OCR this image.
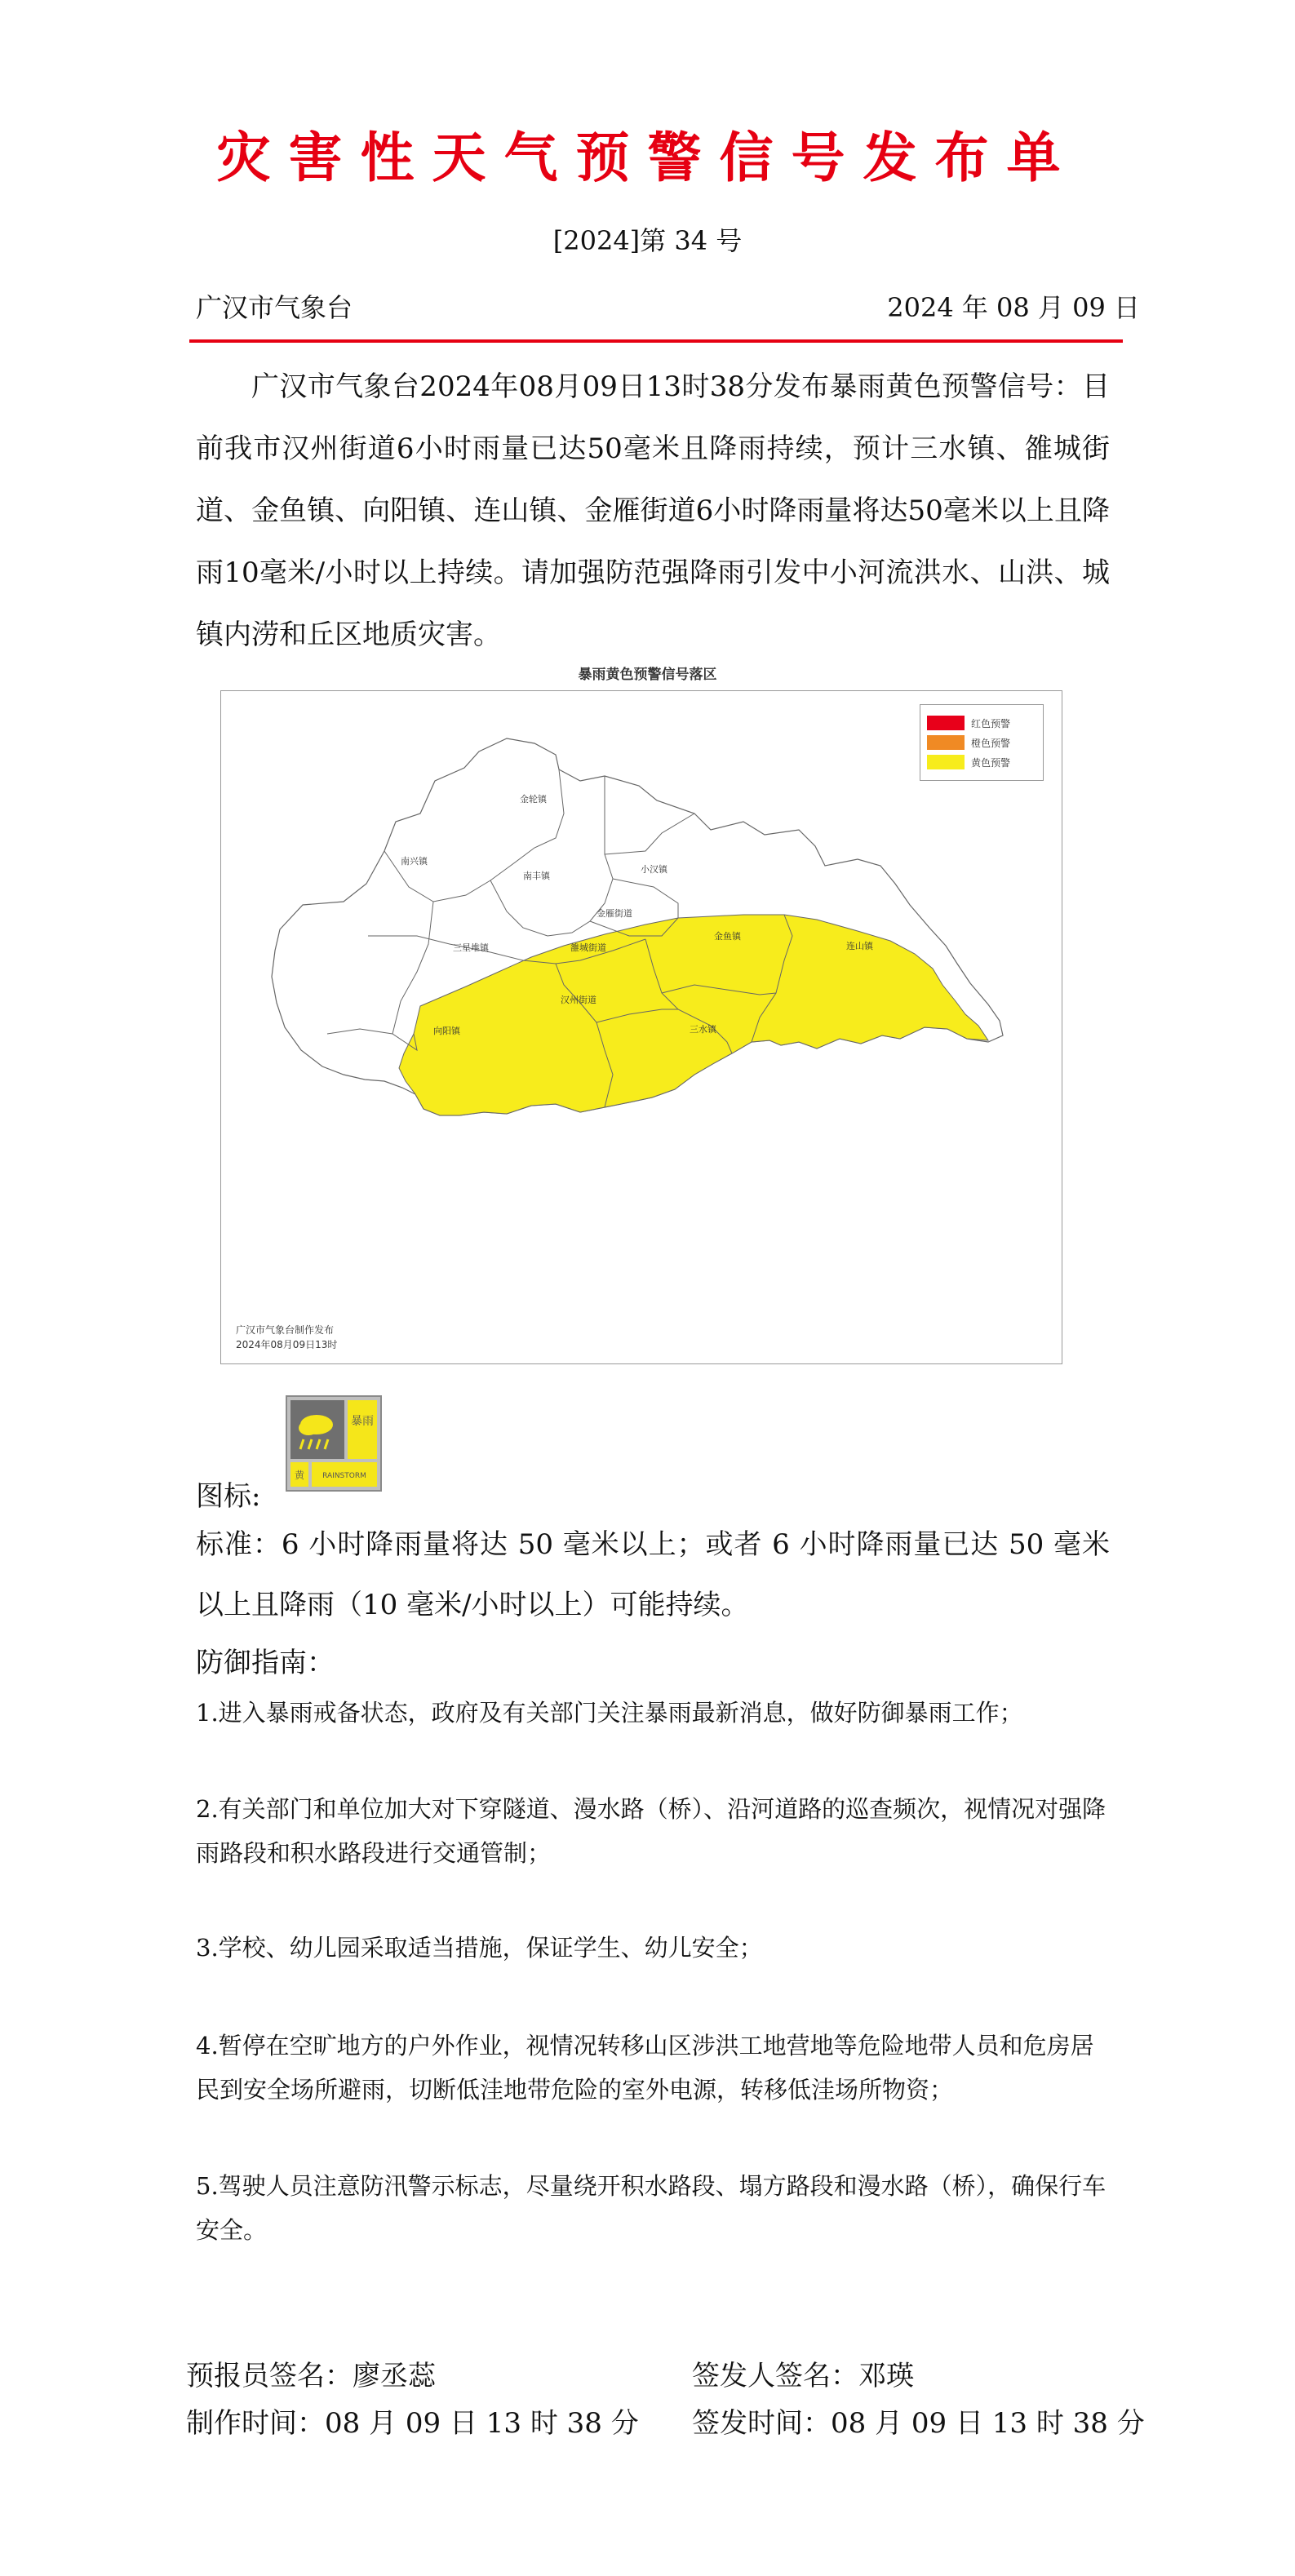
灾害性天气预警信号发布单
[2024]第 34 号
广汉市气象台	2024 年 08 月 09 日
广汉市气象台2024年08月09日13时38分发布暴雨黄色预警信号：目前我市汉州街道6小时雨量已达50毫米且降雨持续，预计三水镇、雒城街道、金鱼镇、向阳镇、连山镇、金雁街道6小时降雨量将达50毫米以上且降雨10毫米/小时以上持续。请加强防范强降雨引发中小河流洪水、山洪、城镇内涝和丘区地质灾害。
暴雨黄色预警信号落区
金轮镇
南兴镇
南丰镇
小汉镇
金雁街道
金鱼镇
连山镇
三星堆镇	雒城街道
汉州街道
向阳镇	三水镇
红色预警
橙色预警
黄色预警
广汉市气象台制作发布
2024年08月09日13时
图标:
暴雨
黄 RAINSTORM
标准：6 小时降雨量将达 50 毫米以上；或者 6 小时降雨量已达 50 毫米以上且降雨（10 毫米/小时以上）可能持续。
防御指南：
1.进入暴雨戒备状态，政府及有关部门关注暴雨最新消息，做好防御暴雨工作；
2.有关部门和单位加大对下穿隧道、漫水路（桥）、沿河道路的巡查频次，视情况对强降雨路段和积水路段进行交通管制；
3.学校、幼儿园采取适当措施，保证学生、幼儿安全；
4.暂停在空旷地方的户外作业，视情况转移山区涉洪工地营地等危险地带人员和危房居民到安全场所避雨，切断低洼地带危险的室外电源，转移低洼场所物资；
5.驾驶人员注意防汛警示标志，尽量绕开积水路段、塌方路段和漫水路（桥），确保行车安全。
预报员签名：廖丞蕊
制作时间：08 月 09 日 13 时 38 分
签发人签名：邓瑛
签发时间：08 月 09 日 13 时 38 分
